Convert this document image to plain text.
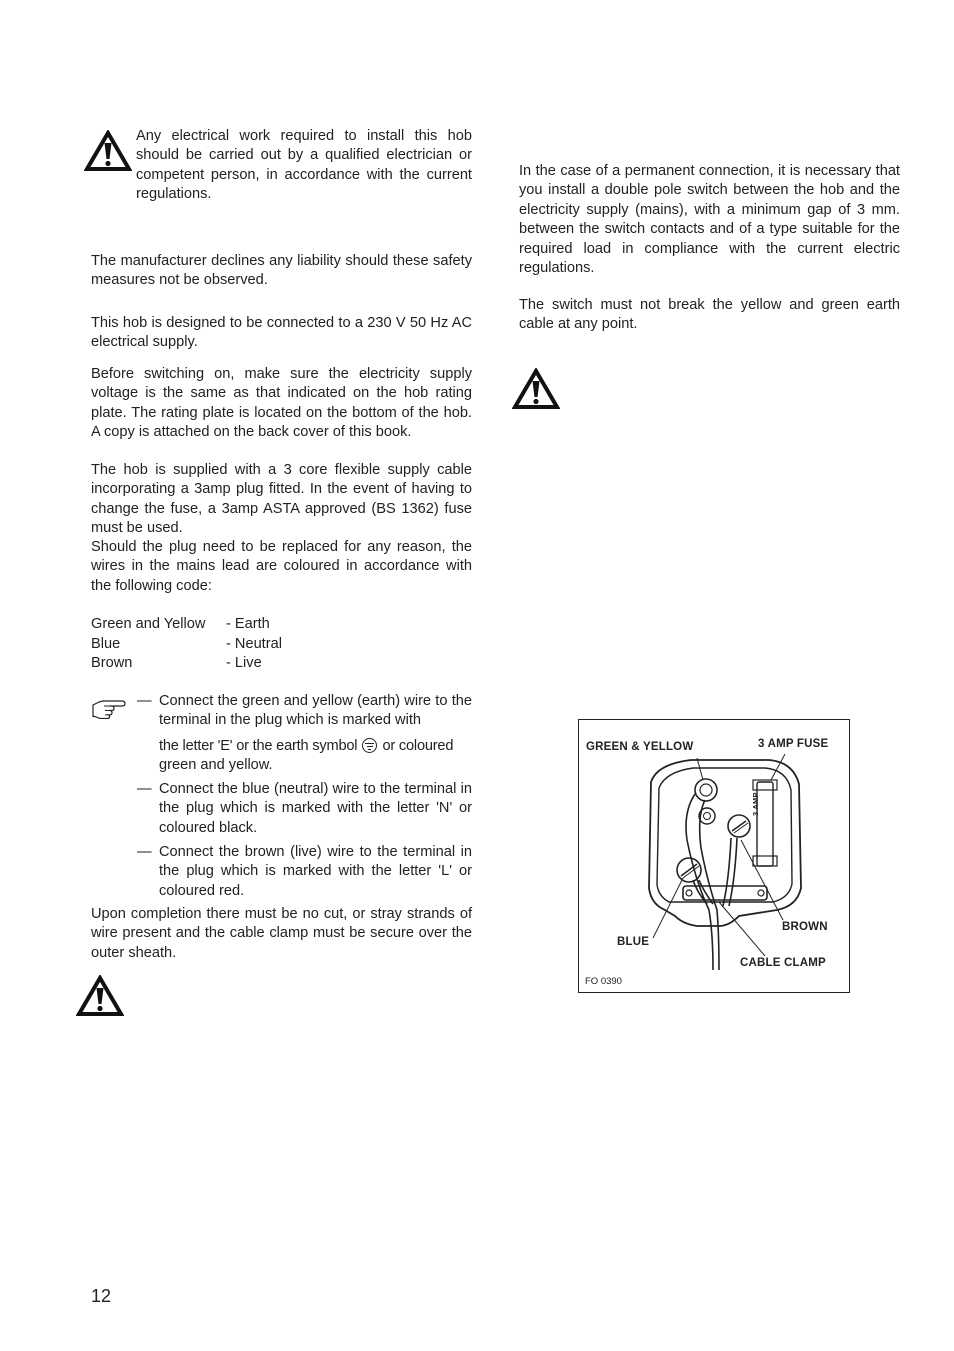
Any electrical work required to install this hob should be carried out by a qualified electrician or competent person, in accordance with the current regulations.

The manufacturer declines any liability should these safety measures not be observed.

This hob is designed to be connected to a 230 V 50 Hz AC electrical supply.

Before switching on, make sure the electricity supply voltage is the same as that indicated on the hob rating plate. The rating plate is located on the bottom of the hob. A copy is attached on the back cover of this book.

The hob is supplied with a 3 core flexible supply cable incorporating a 3amp plug fitted. In the event of having to change the fuse, a 3amp ASTA approved (BS 1362) fuse must be used.

Should the plug need to be replaced for any reason, the wires in the mains lead are coloured in accordance with the following code:

Green and Yellow - Earth
Blue	- Neutral
Brown	- Live
— Connect the green and yellow (earth) wire to the terminal in the plug which is marked with

the letter 'E' or the earth symbol or coloured
green and yellow.
— Connect the blue (neutral) wire to the terminal in the plug which is marked with the letter 'N' or coloured black.

— Connect the brown (live) wire to the terminal in the plug which is marked with the letter 'L' or coloured red.

Upon completion there must be no cut, or stray strands of wire present and the cable clamp must be secure over the outer sheath.

In the case of a permanent connection, it is necessary that you install a double pole switch between the hob and the electricity supply (mains), with a minimum gap of 3 mm. between the switch contacts and of a type suitable for the required load in compliance with the current electric regulations.

The switch must not break the yellow and green earth cable at any point.

GREEN & YELLOW	3 AMP FUSE
3 AMP
BROWN
BLUE
CABLE CLAMP
FO 0390
12
